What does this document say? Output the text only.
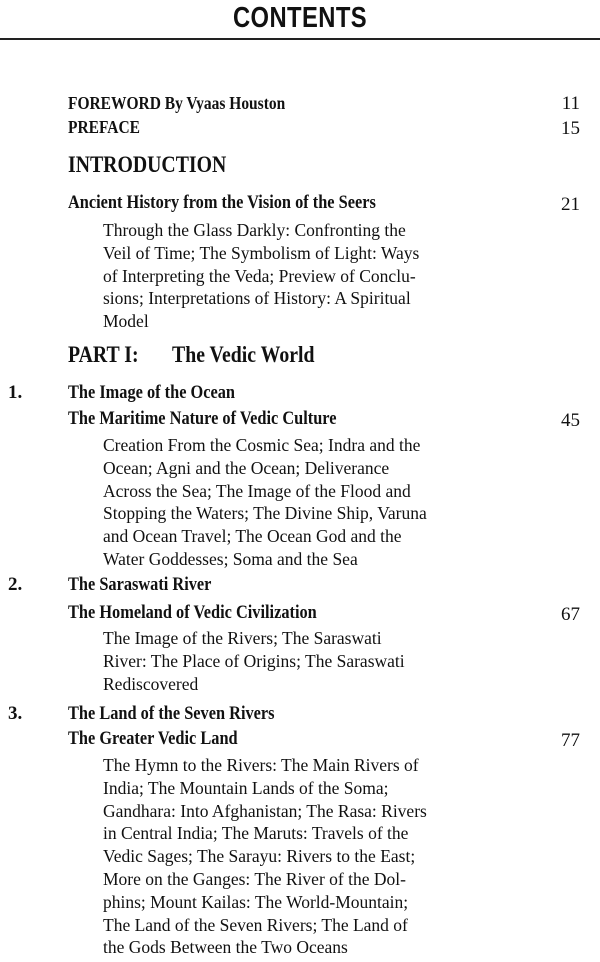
CONTENTS
FOREWORD By Vyaas Houston	11
PREFACE	15
INTRODUCTION
Ancient History from the Vision of the Seers	21
Through the Glass Darkly: Confronting the
Veil of Time; The Symbolism of Light: Ways
of Interpreting the Veda; Preview of Conclu-
sions; Interpretations of History: A Spiritual
Model
PART I: The Vedic World
1. The Image of the Ocean
The Maritime Nature of Vedic Culture	45
Creation From the Cosmic Sea; Indra and the
Ocean; Agni and the Ocean; Deliverance
Across the Sea; The Image of the Flood and
Stopping the Waters; The Divine Ship, Varuna
and Ocean Travel; The Ocean God and the
Water Goddesses; Soma and the Sea
2. The Saraswati River
The Homeland of Vedic Civilization	67
The Image of the Rivers; The Saraswati
River: The Place of Origins; The Saraswati
Rediscovered
3. The Land of the Seven Rivers
The Greater Vedic Land	77
The Hymn to the Rivers: The Main Rivers of
India; The Mountain Lands of the Soma;
Gandhara: Into Afghanistan; The Rasa: Rivers
in Central India; The Maruts: Travels of the
Vedic Sages; The Sarayu: Rivers to the East;
More on the Ganges: The River of the Dol-
phins; Mount Kailas: The World-Mountain;
The Land of the Seven Rivers; The Land of
the Gods Between the Two Oceans
